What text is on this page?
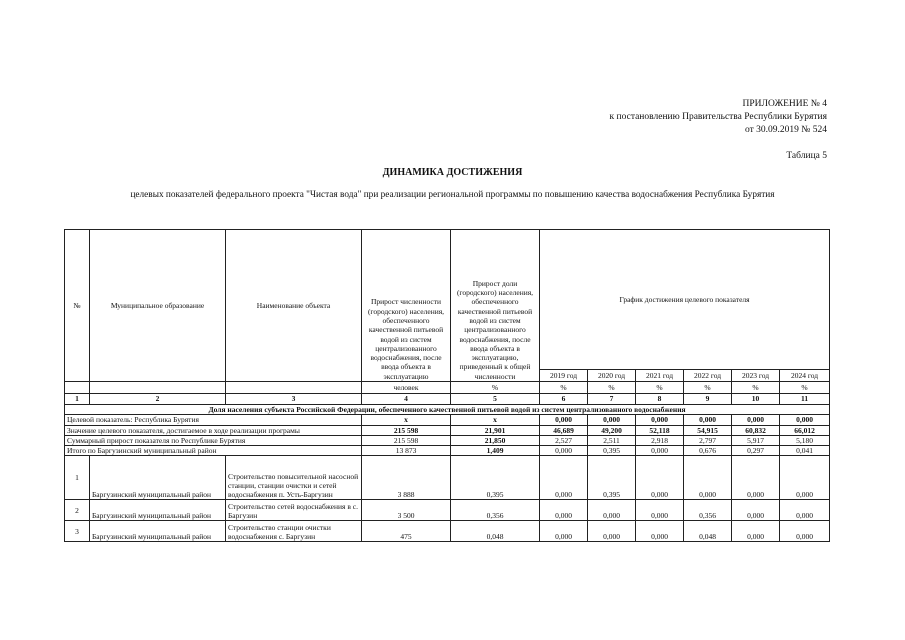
ПРИЛОЖЕНИЕ № 4
к постановлению Правительства Республики Бурятия
от 30.09.2019 № 524
Таблица 5
ДИНАМИКА ДОСТИЖЕНИЯ
целевых показателей федерального проекта "Чистая вода" при реализации региональной программы по повышению качества водоснабжения Республика Бурятия
№	Муниципальное образование	Наименование объекта	Прирост численности (городского) населения, обеспеченного качественной питьевой водой из систем централизованного водоснабжения, после ввода объекта в эксплуатацию	Прирост доли (городского) населения, обеспеченного качественной питьевой водой из систем централизованного водоснабжения, после ввода объекта в эксплуатацию, приведенный к общей численности	График достижения целевого показателя					
					2019 год	2020 год	2021 год	2022 год	2023 год	2024 год
			человек	%	%	%	%	%	%	%
1	2	3	4	5	6	7	8	9	10	11
Доля населения субъекта Российской Федерации, обеспеченного качественной питьевой водой из систем централизованного водоснабжения										
Целевой показатель: Республика Бурятия			х	х	0,000	0,000	0,000	0,000	0,000	0,000
Значение целевого показателя, достигаемое в ходе реализации програмы			215 598	21,901	46,689	49,200	52,118	54,915	60,832	66,012
Суммарный прирост показателя по Республике Бурятия			215 598	21,850	2,527	2,511	2,918	2,797	5,917	5,180
Итого по Баргузинский муниципальный район			13 873	1,409	0,000	0,395	0,000	0,676	0,297	0,041
1	Баргузинский муниципальный район	Строительство повысительной насосной станции, станции очистки и сетей водоснабжения п. Усть-Баргузин	3 888	0,395	0,000	0,395	0,000	0,000	0,000	0,000
2	Баргузинский муниципальный район	Строительство сетей водоснабжения в с. Баргузин	3 500	0,356	0,000	0,000	0,000	0,356	0,000	0,000
3	Баргузинский муниципальный район	Строительство станции очистки водоснабжения с. Баргузин	475	0,048	0,000	0,000	0,000	0,048	0,000	0,000
